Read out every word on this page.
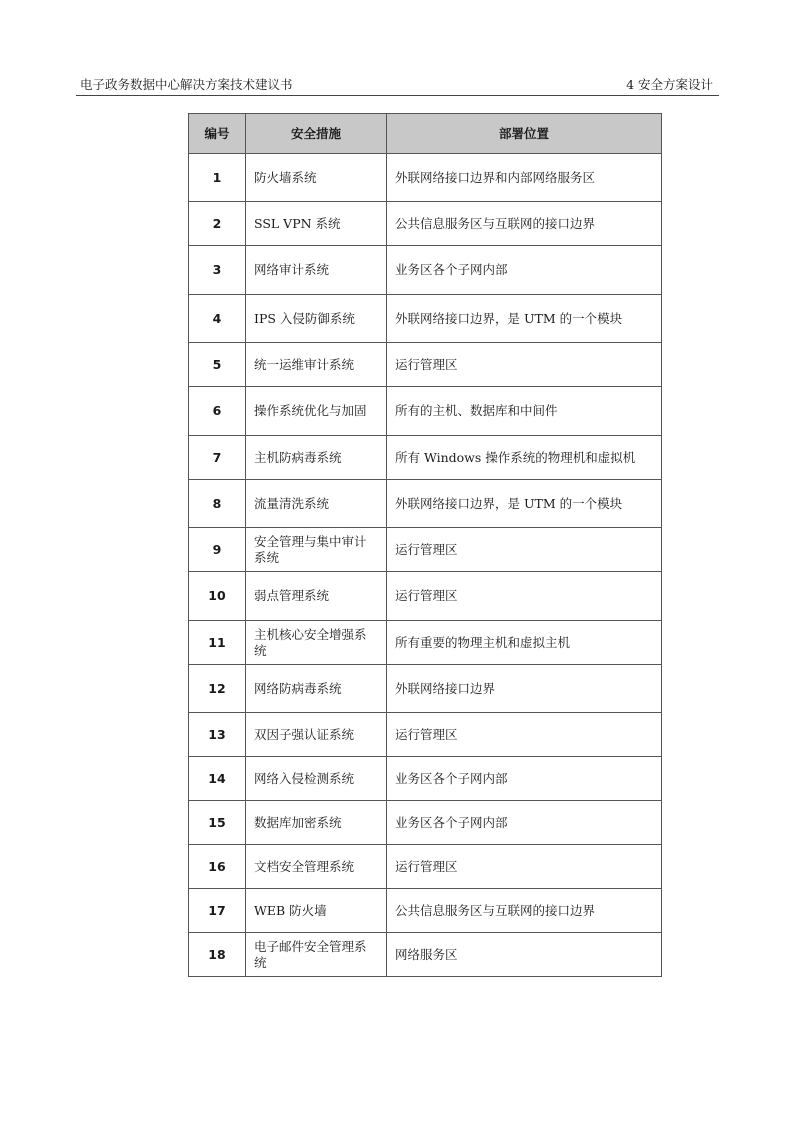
电子政务数据中心解决方案技术建议书	4 安全方案设计
编号	安全措施	部署位置
1	防火墙系统	外联网络接口边界和内部网络服务区
2	SSL VPN 系统	公共信息服务区与互联网的接口边界
3	网络审计系统	业务区各个子网内部
4	IPS 入侵防御系统	外联网络接口边界，是 UTM 的一个模块
5	统一运维审计系统	运行管理区
6	操作系统优化与加固	所有的主机、数据库和中间件
7	主机防病毒系统	所有 Windows 操作系统的物理机和虚拟机
8	流量清洗系统	外联网络接口边界，是 UTM 的一个模块
9	安全管理与集中审计系统	运行管理区
10	弱点管理系统	运行管理区
11	主机核心安全增强系统	所有重要的物理主机和虚拟主机
12	网络防病毒系统	外联网络接口边界
13	双因子强认证系统	运行管理区
14	网络入侵检测系统	业务区各个子网内部
15	数据库加密系统	业务区各个子网内部
16	文档安全管理系统	运行管理区
17	WEB 防火墙	公共信息服务区与互联网的接口边界
18	电子邮件安全管理系统	网络服务区
